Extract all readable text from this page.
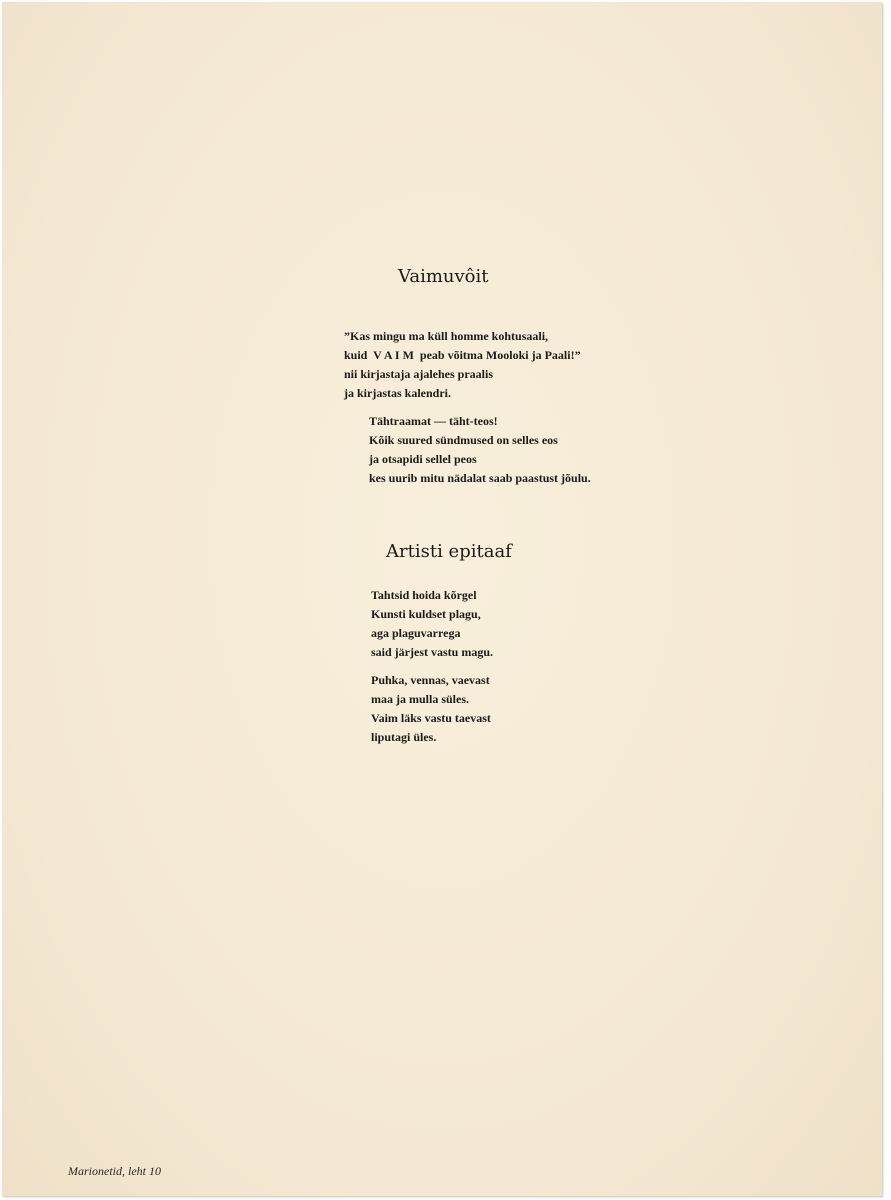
Vaimuvôit
”Kas mingu ma küll homme kohtusaali,
kuid  V A I M  peab võitma Mooloki ja Paali!”
nii kirjastaja ajalehes praalis
ja kirjastas kalendri.
Tähtraamat — täht-teos!
Kõik suured sündmused on selles eos
ja otsapidi sellel peos
kes uurib mitu nädalat saab paastust jõulu.
Artisti epitaaf
Tahtsid hoida kõrgel
Kunsti kuldset plagu,
aga plaguvarrega
said järjest vastu magu.
Puhka, vennas, vaevast
maa ja mulla süles.
Vaim läks vastu taevast
liputagi üles.
Marionetid, leht 10
